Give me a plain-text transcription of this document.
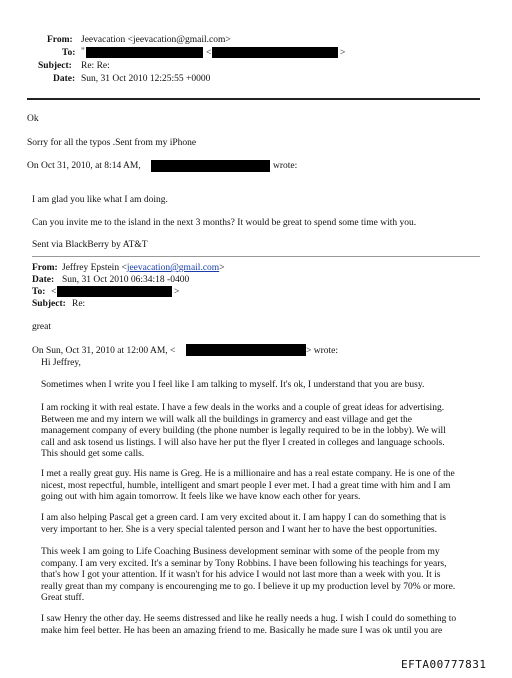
From: Jeevacation <jeevacation@gmail.com>
To: "	<	>
Subject: Re: Re:
Date: Sun, 31 Oct 2010 12:25:55 +0000
Ok
Sorry for all the typos .Sent from my iPhone
On Oct 31, 2010, at 8:14 AM,	wrote:
I am glad you like what I am doing.
Can you invite me to the island in the next 3 months? It would be great to spend some time with you.
Sent via BlackBerry by AT&T
From: Jeffrey Epstein <jeevacation@gmail.com>
Date: Sun, 31 Oct 2010 06:34:18 -0400
To: <	>
Subject: Re:
great
On Sun, Oct 31, 2010 at 12:00 AM, <	> wrote:
Hi Jeffrey,
Sometimes when I write you I feel like I am talking to myself. It's ok, I understand that you are busy.
I am rocking it with real estate. I have a few deals in the works and a couple of great ideas for advertising.
Between me and my intern we will walk all the buildings in gramercy and east village and get the
management company of every building (the phone number is legally required to be in the lobby). We will
call and ask tosend us listings. I will also have her put the flyer I created in colleges and language schools.
This should get some calls.
I met a really great guy. His name is Greg. He is a millionaire and has a real estate company. He is one of the
nicest, most repectful, humble, intelligent and smart people I ever met. I had a great time with him and I am
going out with him again tomorrow. It feels like we have know each other for years.
I am also helping Pascal get a green card. I am very excited about it. I am happy I can do something that is
very important to her. She is a very special talented person and I want her to have the best opportunities.
This week I am going to Life Coaching Business development seminar with some of the people from my
company. I am very excited. It's a seminar by Tony Robbins. I have been following his teachings for years,
that's how I got your attention. If it wasn't for his advice I would not last more than a week with you. It is
really great than my company is encourenging me to go. I believe it up my production level by 70% or more.
Great stuff.
I saw Henry the other day. He seems distressed and like he really needs a hug. I wish I could do something to
make him feel better. He has been an amazing friend to me. Basically he made sure I was ok until you are
EFTA00777831
